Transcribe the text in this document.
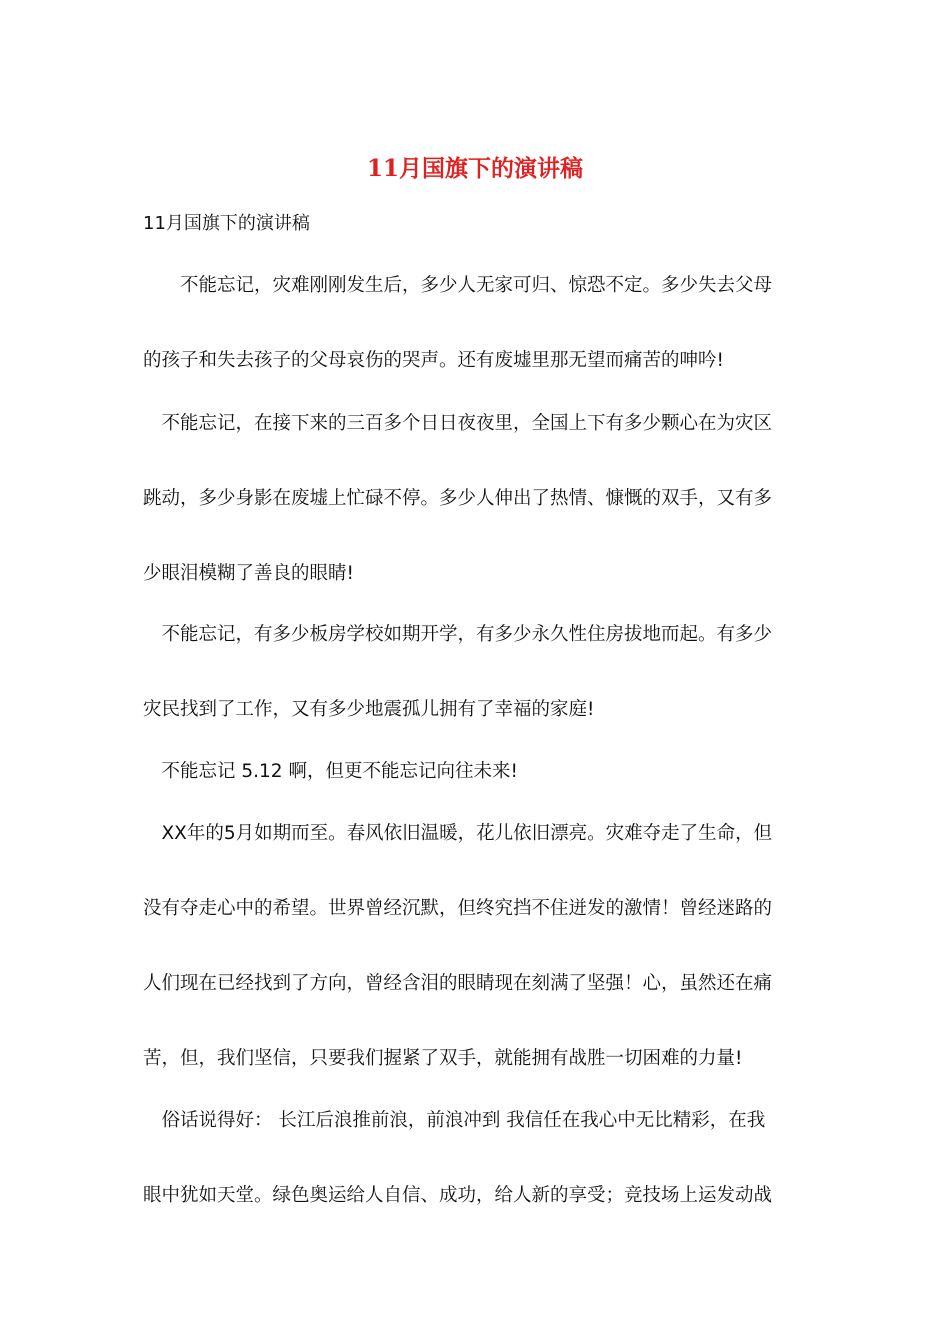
11月国旗下的演讲稿
11月国旗下的演讲稿
　　不能忘记，灾难刚刚发生后，多少人无家可归、惊恐不定。多少失去父母
的孩子和失去孩子的父母哀伤的哭声。还有废墟里那无望而痛苦的呻吟!
　不能忘记，在接下来的三百多个日日夜夜里，全国上下有多少颗心在为灾区
跳动，多少身影在废墟上忙碌不停。多少人伸出了热情、慷慨的双手，又有多
少眼泪模糊了善良的眼睛!
　不能忘记，有多少板房学校如期开学，有多少永久性住房拔地而起。有多少
灾民找到了工作，又有多少地震孤儿拥有了幸福的家庭!
　不能忘记 5.12 啊，但更不能忘记向往未来!
　XX年的5月如期而至。春风依旧温暖，花儿依旧漂亮。灾难夺走了生命，但
没有夺走心中的希望。世界曾经沉默，但终究挡不住迸发的激情！曾经迷路的
人们现在已经找到了方向，曾经含泪的眼睛现在刻满了坚强！心，虽然还在痛
苦，但，我们坚信，只要我们握紧了双手，就能拥有战胜一切困难的力量!
　俗话说得好： 长江后浪推前浪，前浪冲到 我信任在我心中无比精彩，在我
眼中犹如天堂。绿色奥运给人自信、成功，给人新的享受；竞技场上运发动战
